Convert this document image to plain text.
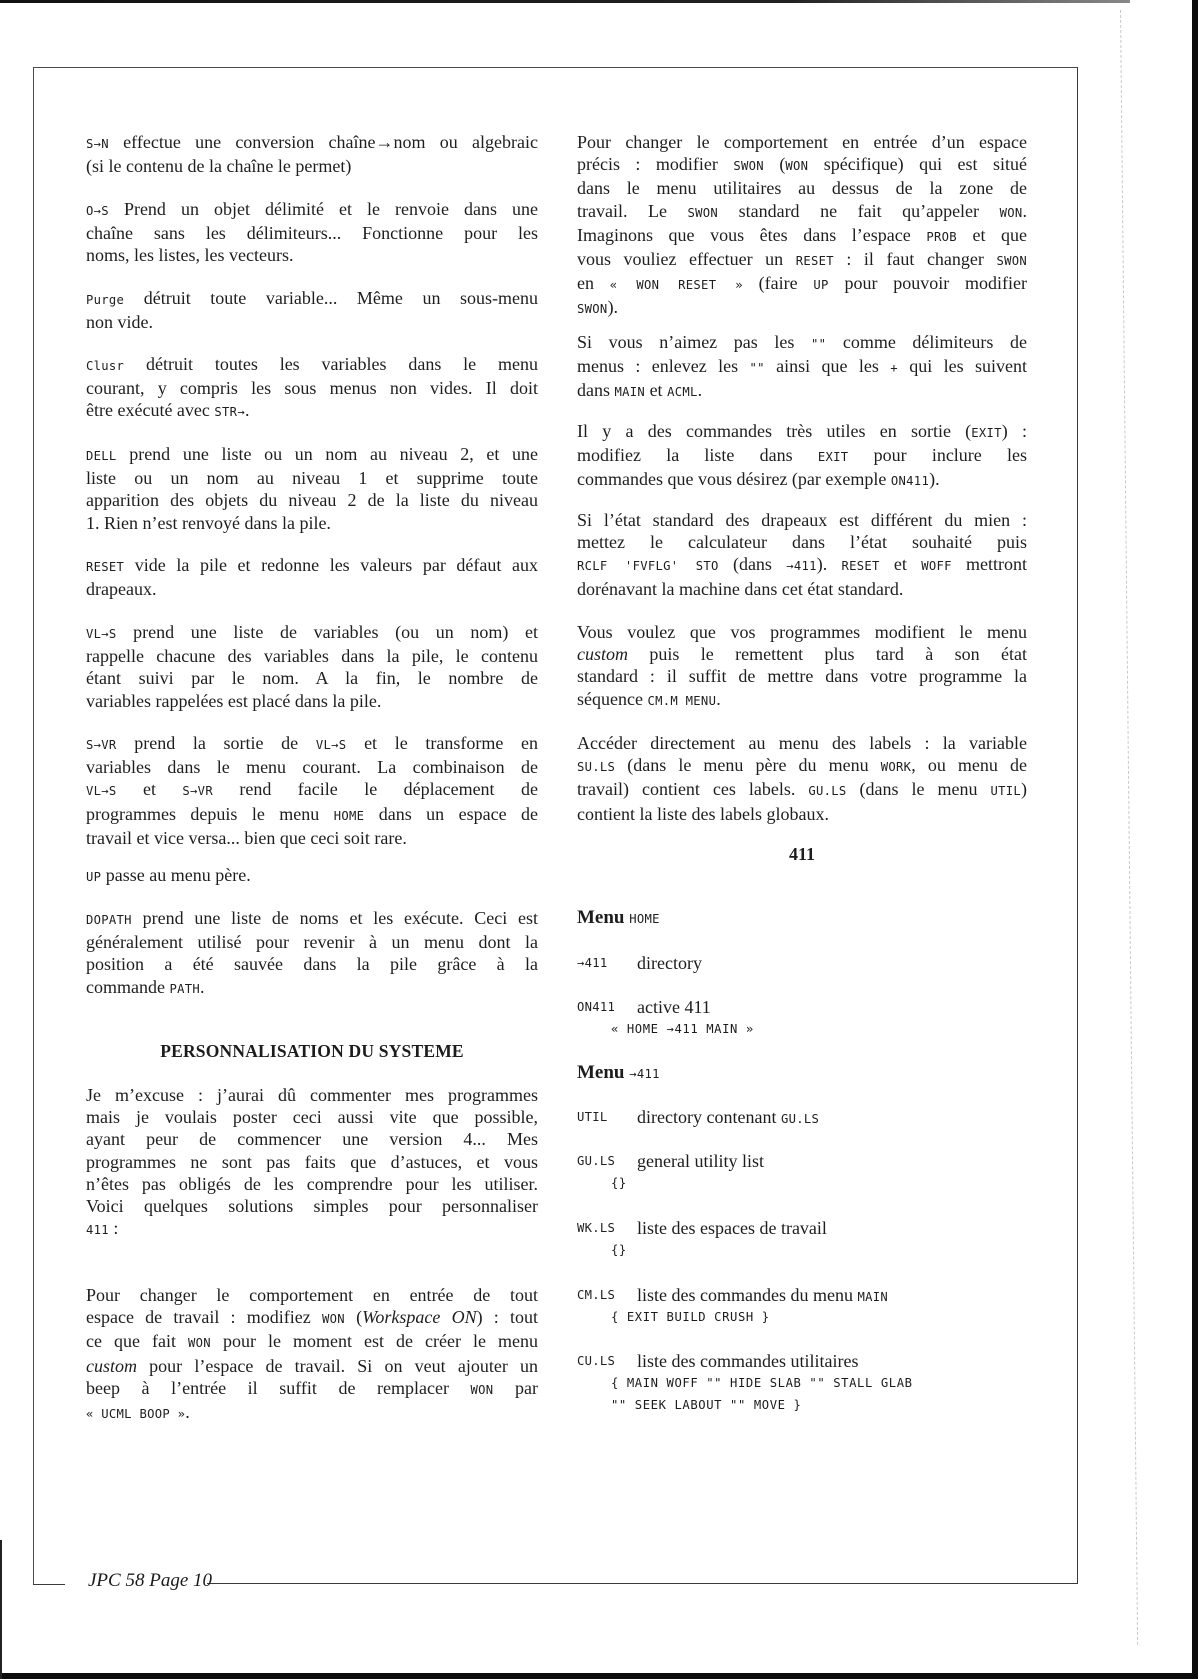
JPC 58 Page 10
S→N effectue une conversion chaîne→nom ou algebraic
(si le contenu de la chaîne le permet)
O→S Prend un objet délimité et le renvoie dans une
chaîne sans les délimiteurs... Fonctionne pour les
noms, les listes, les vecteurs.
Purge détruit toute variable... Même un sous-menu
non vide.
Clusr détruit toutes les variables dans le menu
courant, y compris les sous menus non vides. Il doit
être exécuté avec STR→.
DELL prend une liste ou un nom au niveau 2, et une
liste ou un nom au niveau 1 et supprime toute
apparition des objets du niveau 2 de la liste du niveau
1. Rien n’est renvoyé dans la pile.
RESET vide la pile et redonne les valeurs par défaut aux
drapeaux.
VL→S prend une liste de variables (ou un nom) et
rappelle chacune des variables dans la pile, le contenu
étant suivi par le nom. A la fin, le nombre de
variables rappelées est placé dans la pile.
S→VR prend la sortie de VL→S et le transforme en
variables dans le menu courant. La combinaison de
VL→S et S→VR rend facile le déplacement de
programmes depuis le menu HOME dans un espace de
travail et vice versa... bien que ceci soit rare.
UP passe au menu père.
DOPATH prend une liste de noms et les exécute. Ceci est
généralement utilisé pour revenir à un menu dont la
position a été sauvée dans la pile grâce à la
commande PATH.
PERSONNALISATION DU SYSTEME
Je m’excuse : j’aurai dû commenter mes programmes
mais je voulais poster ceci aussi vite que possible,
ayant peur de commencer une version 4... Mes
programmes ne sont pas faits que d’astuces, et vous
n’êtes pas obligés de les comprendre pour les utiliser.
Voici quelques solutions simples pour personnaliser
411 :
Pour changer le comportement en entrée de tout
espace de travail : modifiez WON (Workspace ON) : tout
ce que fait WON pour le moment est de créer le menu
custom pour l’espace de travail. Si on veut ajouter un
beep à l’entrée il suffit de remplacer WON par
« UCML BOOP ».
Pour changer le comportement en entrée d’un espace
précis : modifier SWON (WON spécifique) qui est situé
dans le menu utilitaires au dessus de la zone de
travail. Le SWON standard ne fait qu’appeler WON.
Imaginons que vous êtes dans l’espace PROB et que
vous vouliez effectuer un RESET : il faut changer SWON
en « WON RESET » (faire UP pour pouvoir modifier
SWON).
Si vous n’aimez pas les "" comme délimiteurs de
menus : enlevez les "" ainsi que les + qui les suivent
dans MAIN et ACML.
Il y a des commandes très utiles en sortie (EXIT) :
modifiez la liste dans EXIT pour inclure les
commandes que vous désirez (par exemple ON411).
Si l’état standard des drapeaux est différent du mien :
mettez le calculateur dans l’état souhaité puis
RCLF 'FVFLG' STO (dans →411). RESET et WOFF mettront
dorénavant la machine dans cet état standard.
Vous voulez que vos programmes modifient le menu
custom puis le remettent plus tard à son état
standard : il suffit de mettre dans votre programme la
séquence CM.M MENU.
Accéder directement au menu des labels : la variable
SU.LS (dans le menu père du menu WORK, ou menu de
travail) contient ces labels. GU.LS (dans le menu UTIL)
contient la liste des labels globaux.
411
Menu HOME
→411 directory
ON411 active 411
« HOME →411 MAIN »
Menu →411
UTIL directory contenant GU.LS
GU.LS general utility list
{}
WK.LS liste des espaces de travail
{}
CM.LS liste des commandes du menu MAIN
{ EXIT BUILD CRUSH }
CU.LS liste des commandes utilitaires
{ MAIN WOFF "" HIDE SLAB "" STALL GLAB
"" SEEK LABOUT "" MOVE }
